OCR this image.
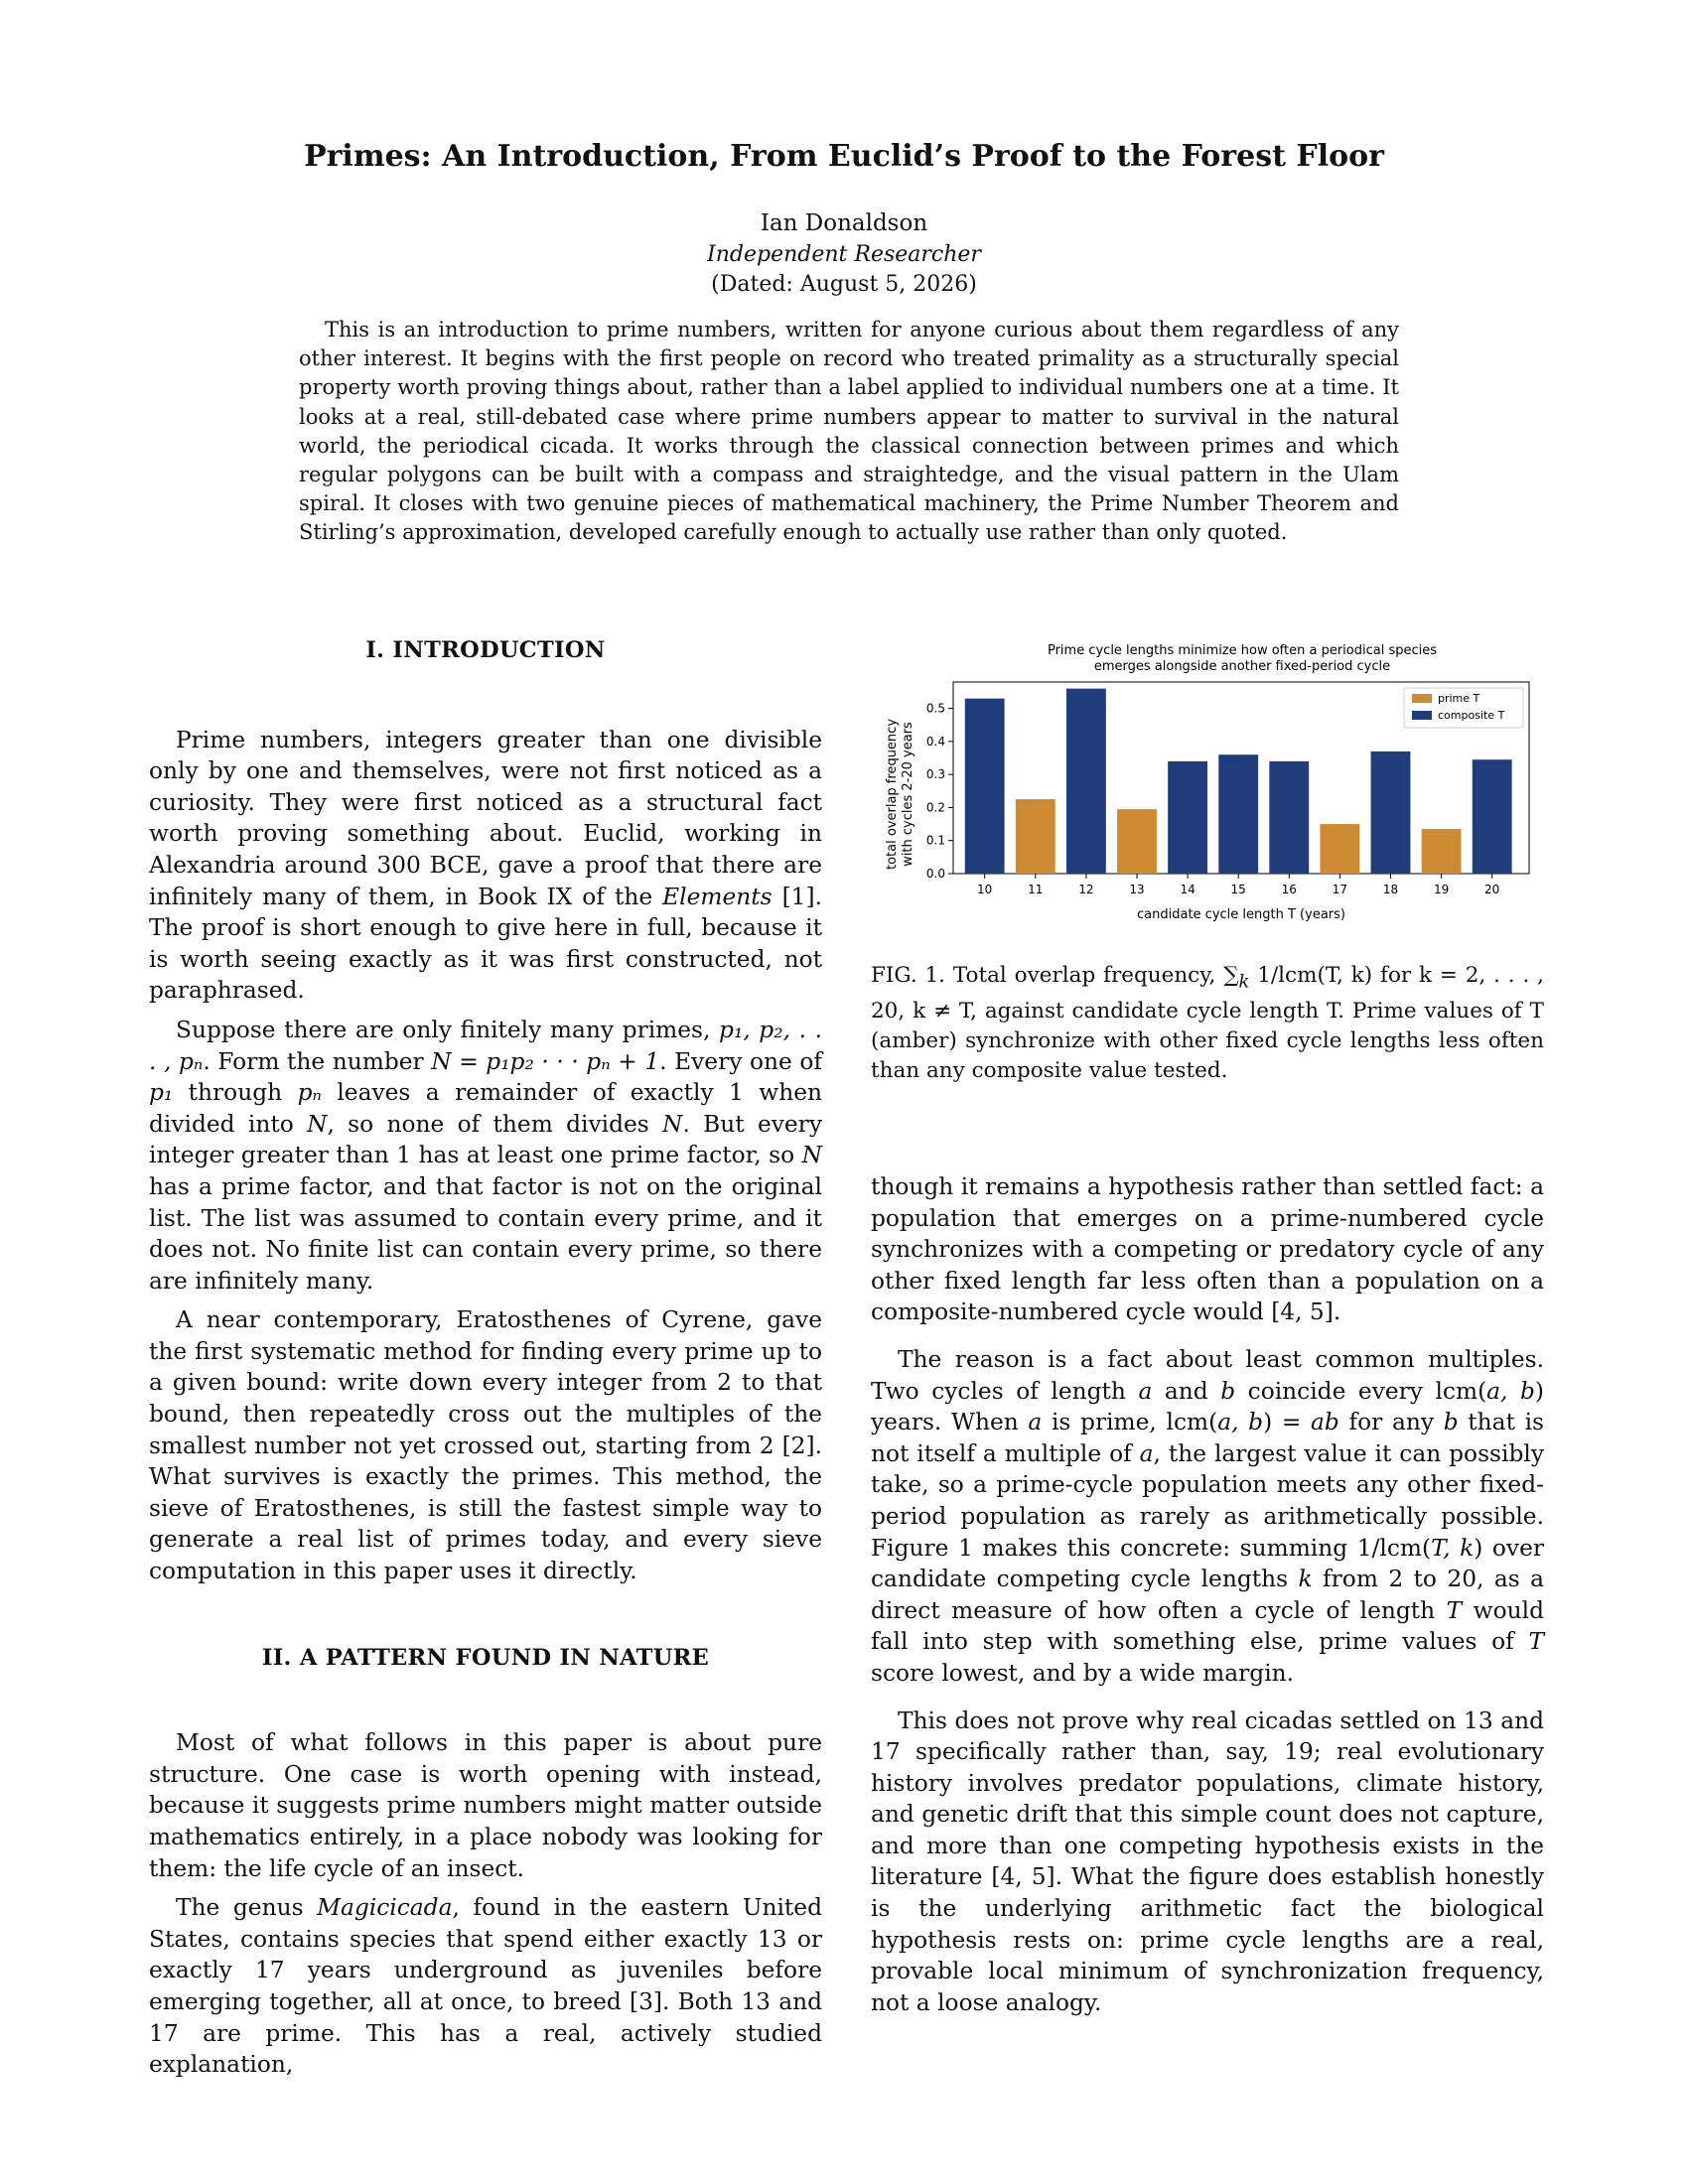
Primes: An Introduction, From Euclid’s Proof to the Forest Floor
Ian Donaldson
Independent Researcher
(Dated: August 5, 2026)

This is an introduction to prime numbers, written for anyone curious about them regardless of any other interest. It begins with the first people on record who treated primality as a structurally special property worth proving things about, rather than a label applied to individual numbers one at a time. It looks at a real, still-debated case where prime numbers appear to matter to survival in the natural world, the periodical cicada. It works through the classical connection between primes and which regular polygons can be built with a compass and straightedge, and the visual pattern in the Ulam spiral. It closes with two genuine pieces of mathematical machinery, the Prime Number Theorem and Stirling’s approximation, developed carefully enough to actually use rather than only quoted.

I. INTRODUCTION

Prime numbers, integers greater than one divisible only by one and themselves, were not first noticed as a curiosity. They were first noticed as a structural fact worth proving something about. Euclid, working in Alexandria around 300 BCE, gave a proof that there are infinitely many of them, in Book IX of the Elements [1]. The proof is short enough to give here in full, because it is worth seeing exactly as it was first constructed, not paraphrased.

Suppose there are only finitely many primes, p₁, p₂, . . . , pₙ. Form the number N = p₁p₂ · · · pₙ + 1. Every one of p₁ through pₙ leaves a remainder of exactly 1 when divided into N, so none of them divides N. But every integer greater than 1 has at least one prime factor, so N has a prime factor, and that factor is not on the original list. The list was assumed to contain every prime, and it does not. No finite list can contain every prime, so there are infinitely many.

A near contemporary, Eratosthenes of Cyrene, gave the first systematic method for finding every prime up to a given bound: write down every integer from 2 to that bound, then repeatedly cross out the multiples of the smallest number not yet crossed out, starting from 2 [2]. What survives is exactly the primes. This method, the sieve of Eratosthenes, is still the fastest simple way to generate a real list of primes today, and every sieve computation in this paper uses it directly.

II. A PATTERN FOUND IN NATURE

Most of what follows in this paper is about pure structure. One case is worth opening with instead, because it suggests prime numbers might matter outside mathematics entirely, in a place nobody was looking for them: the life cycle of an insect.

The genus Magicicada, found in the eastern United States, contains species that spend either exactly 13 or exactly 17 years underground as juveniles before emerging together, all at once, to breed [3]. Both 13 and 17 are prime. This has a real, actively studied explanation,

Prime cycle lengths minimize how often a periodical species
emerges alongside another fixed-period cycle
total overlap frequency with cycles 2-20 years
0.0
0.1
0.2
0.3
0.4
0.5
10	11	12	13	14	15	16	17	18	19	20
candidate cycle length T (years)
prime T
composite T

FIG. 1. Total overlap frequency, $\sum_k$ 1/lcm(T, k) for k = 2, . . . , 20, k ≠ T, against candidate cycle length T. Prime values of T (amber) synchronize with other fixed cycle lengths less often than any composite value tested.

though it remains a hypothesis rather than settled fact: a population that emerges on a prime-numbered cycle synchronizes with a competing or predatory cycle of any other fixed length far less often than a population on a composite-numbered cycle would [4, 5].

The reason is a fact about least common multiples. Two cycles of length a and b coincide every lcm(a, b) years. When a is prime, lcm(a, b) = ab for any b that is not itself a multiple of a, the largest value it can possibly take, so a prime-cycle population meets any other fixed-period population as rarely as arithmetically possible. Figure 1 makes this concrete: summing 1/lcm(T, k) over candidate competing cycle lengths k from 2 to 20, as a direct measure of how often a cycle of length T would fall into step with something else, prime values of T score lowest, and by a wide margin.

This does not prove why real cicadas settled on 13 and 17 specifically rather than, say, 19; real evolutionary history involves predator populations, climate history, and genetic drift that this simple count does not capture, and more than one competing hypothesis exists in the literature [4, 5]. What the figure does establish honestly is the underlying arithmetic fact the biological hypothesis rests on: prime cycle lengths are a real, provable local minimum of synchronization frequency, not a loose analogy.
